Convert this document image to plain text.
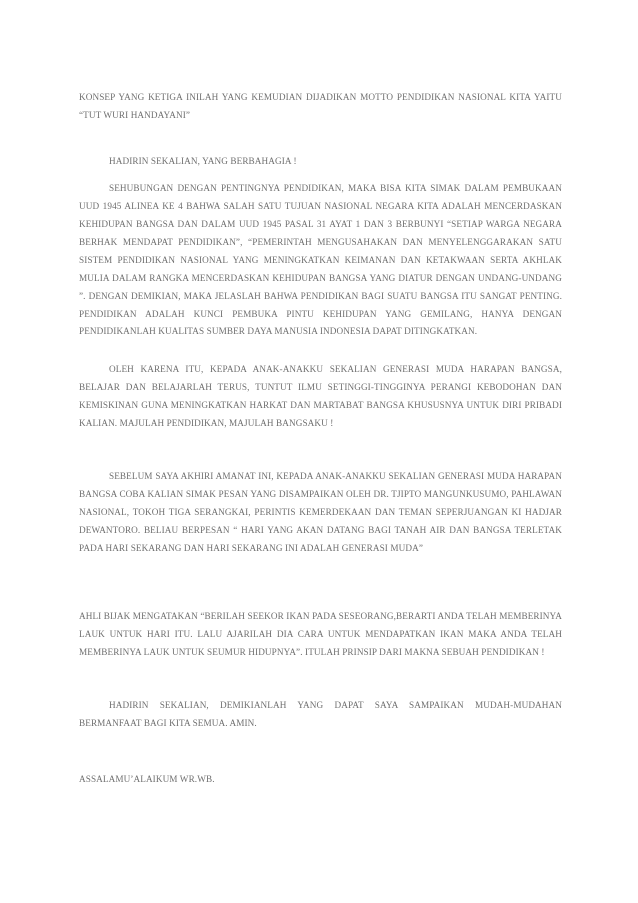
KONSEP YANG KETIGA INILAH YANG KEMUDIAN DIJADIKAN MOTTO PENDIDIKAN NASIONAL KITA YAITU “TUT WURI HANDAYANI”

HADIRIN SEKALIAN, YANG BERBAHAGIA !

SEHUBUNGAN DENGAN PENTINGNYA PENDIDIKAN, MAKA BISA KITA SIMAK DALAM PEMBUKAAN UUD 1945 ALINEA KE 4 BAHWA SALAH SATU TUJUAN NASIONAL NEGARA KITA ADALAH MENCERDASKAN KEHIDUPAN BANGSA DAN DALAM UUD 1945 PASAL 31 AYAT 1 DAN 3 BERBUNYI “SETIAP WARGA NEGARA BERHAK MENDAPAT PENDIDIKAN”, “PEMERINTAH MENGUSAHAKAN DAN MENYELENGGARAKAN SATU SISTEM PENDIDIKAN NASIONAL YANG MENINGKATKAN KEIMANAN DAN KETAKWAAN SERTA AKHLAK MULIA DALAM RANGKA MENCERDASKAN KEHIDUPAN BANGSA YANG DIATUR DENGAN UNDANG-UNDANG ”. DENGAN DEMIKIAN, MAKA JELASLAH BAHWA PENDIDIKAN BAGI SUATU BANGSA ITU SANGAT PENTING. PENDIDIKAN ADALAH KUNCI PEMBUKA PINTU KEHIDUPAN YANG GEMILANG, HANYA DENGAN PENDIDIKANLAH KUALITAS SUMBER DAYA MANUSIA INDONESIA DAPAT DITINGKATKAN.

OLEH KARENA ITU, KEPADA ANAK-ANAKKU SEKALIAN GENERASI MUDA HARAPAN BANGSA, BELAJAR DAN BELAJARLAH TERUS, TUNTUT ILMU SETINGGI-TINGGINYA PERANGI KEBODOHAN DAN KEMISKINAN GUNA MENINGKATKAN HARKAT DAN MARTABAT BANGSA KHUSUSNYA UNTUK DIRI PRIBADI KALIAN. MAJULAH PENDIDIKAN, MAJULAH BANGSAKU !

SEBELUM SAYA AKHIRI AMANAT INI, KEPADA ANAK-ANAKKU SEKALIAN GENERASI MUDA HARAPAN BANGSA COBA KALIAN SIMAK PESAN YANG DISAMPAIKAN OLEH DR. TJIPTO MANGUNKUSUMO, PAHLAWAN NASIONAL, TOKOH TIGA SERANGKAI, PERINTIS KEMERDEKAAN DAN TEMAN SEPERJUANGAN KI HADJAR DEWANTORO. BELIAU BERPESAN “ HARI YANG AKAN DATANG BAGI TANAH AIR DAN BANGSA TERLETAK PADA HARI SEKARANG DAN HARI SEKARANG INI ADALAH GENERASI MUDA”

AHLI BIJAK MENGATAKAN “BERILAH SEEKOR IKAN PADA SESEORANG,BERARTI ANDA TELAH MEMBERINYA LAUK UNTUK HARI ITU. LALU AJARILAH DIA CARA UNTUK MENDAPATKAN IKAN MAKA ANDA TELAH MEMBERINYA LAUK UNTUK SEUMUR HIDUPNYA”. ITULAH PRINSIP DARI MAKNA SEBUAH PENDIDIKAN !

HADIRIN SEKALIAN, DEMIKIANLAH YANG DAPAT SAYA SAMPAIKAN MUDAH-MUDAHAN BERMANFAAT BAGI KITA SEMUA. AMIN.

ASSALAMU’ALAIKUM WR.WB.
